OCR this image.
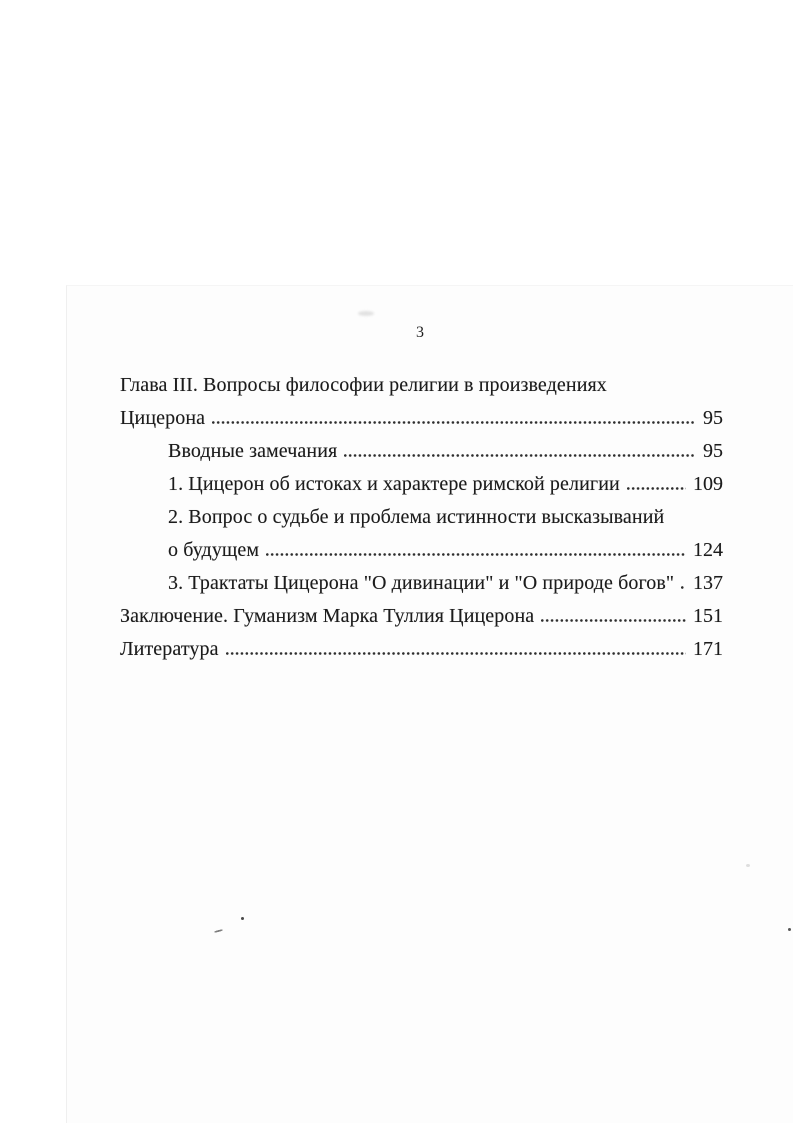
3
Глава III. Вопросы философии религии в произведениях
Цицерона	95
Вводные замечания	95
1. Цицерон об истоках и характере римской религии	109
2. Вопрос о судьбе и проблема истинности высказываний
о будущем	124
3. Трактаты Цицерона "О дивинации" и "О природе богов" 137
Заключение. Гуманизм Марка Туллия Цицерона	151
Литература	171
